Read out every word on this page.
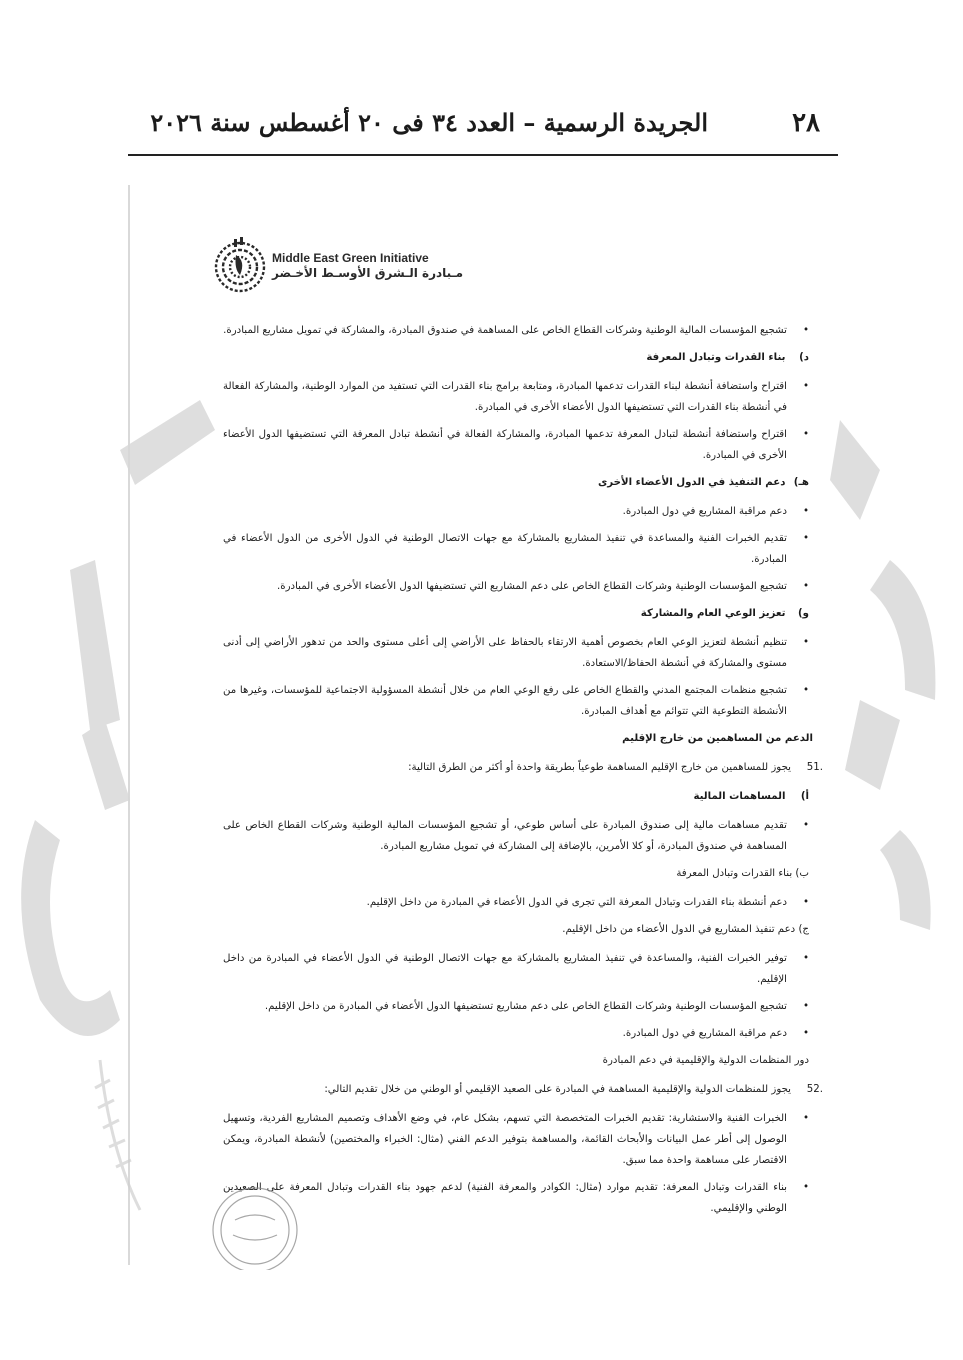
٢٨
الجريدة الرسمية – العدد ٣٤ فى ٢٠ أغسطس سنة ٢٠٢٦
Middle East Green Initiative
مـبادرة الـشرق الأوسـط الأخـضر
•
تشجيع المؤسسات المالية الوطنية وشركات القطاع الخاص على المساهمة في صندوق المبادرة، والمشاركة في تمويل مشاريع المبادرة.
د) بناء القدرات وتبادل المعرفة
•
اقتراح واستضافة أنشطة لبناء القدرات تدعمها المبادرة، ومتابعة برامج بناء القدرات التي تستفيد من الموارد الوطنية، والمشاركة الفعالة في أنشطة بناء القدرات التي تستضيفها الدول الأعضاء الأخرى في المبادرة.
•
اقتراح واستضافة أنشطة لتبادل المعرفة تدعمها المبادرة، والمشاركة الفعالة في أنشطة تبادل المعرفة التي تستضيفها الدول الأعضاء الأخرى في المبادرة.
هـ) دعم التنفيذ في الدول الأعضاء الأخرى
•
دعم مراقبة المشاريع في دول المبادرة.
•
تقديم الخبرات الفنية والمساعدة في تنفيذ المشاريع بالمشاركة مع جهات الاتصال الوطنية في الدول الأخرى من الدول الأعضاء في المبادرة.
•
تشجيع المؤسسات الوطنية وشركات القطاع الخاص على دعم المشاريع التي تستضيفها الدول الأعضاء الأخرى في المبادرة.
و) تعزيز الوعي العام والمشاركة
•
تنظيم أنشطة لتعزيز الوعي العام بخصوص أهمية الارتقاء بالحفاظ على الأراضي إلى أعلى مستوى والحد من تدهور الأراضي إلى أدنى مستوى والمشاركة في أنشطة الحفاظ/الاستعادة.
•
تشجيع منظمات المجتمع المدني والقطاع الخاص على رفع الوعي العام من خلال أنشطة المسؤولية الاجتماعية للمؤسسات، وغيرها من الأنشطة التطوعية التي تتوائم مع أهداف المبادرة.
الدعم من المساهمين من خارج الإقليم
51.
يجوز للمساهمين من خارج الإقليم المساهمة طوعياً بطريقة واحدة أو أكثر من الطرق التالية:
أ) المساهمات المالية
•
تقديم مساهمات مالية إلى صندوق المبادرة على أساس طوعي، أو تشجيع المؤسسات المالية الوطنية وشركات القطاع الخاص على المساهمة في صندوق المبادرة، أو كلا الأمرين، بالإضافة إلى المشاركة في تمويل مشاريع المبادرة.
ب) بناء القدرات وتبادل المعرفة
•
دعم أنشطة بناء القدرات وتبادل المعرفة التي تجرى في الدول الأعضاء في المبادرة من داخل الإقليم.
ج) دعم تنفيذ المشاريع في الدول الأعضاء من داخل الإقليم.
•
توفير الخبرات الفنية، والمساعدة في تنفيذ المشاريع بالمشاركة مع جهات الاتصال الوطنية في الدول الأعضاء في المبادرة من داخل الإقليم.
•
تشجيع المؤسسات الوطنية وشركات القطاع الخاص على دعم مشاريع تستضيفها الدول الأعضاء في المبادرة من داخل الإقليم.
•
دعم مراقبة المشاريع في دول المبادرة.
دور المنظمات الدولية والإقليمية في دعم المبادرة
52.
يجوز للمنظمات الدولية والإقليمية المساهمة في المبادرة على الصعيد الإقليمي أو الوطني من خلال تقديم التالي:
•
الخبرات الفنية والاستشارية: تقديم الخبرات المتخصصة التي تسهم، بشكل عام، في وضع الأهداف وتصميم المشاريع الفردية، وتسهيل الوصول إلى أطر عمل البيانات والأبحاث القائمة، والمساهمة بتوفير الدعم الفني (مثال: الخبراء والمختصين) لأنشطة المبادرة، ويمكن الاقتصار على مساهمة واحدة مما سبق.
•
بناء القدرات وتبادل المعرفة: تقديم موارد (مثال: الكوادر والمعرفة الفنية) لدعم جهود بناء القدرات وتبادل المعرفة على الصعيدين الوطني والإقليمي.
